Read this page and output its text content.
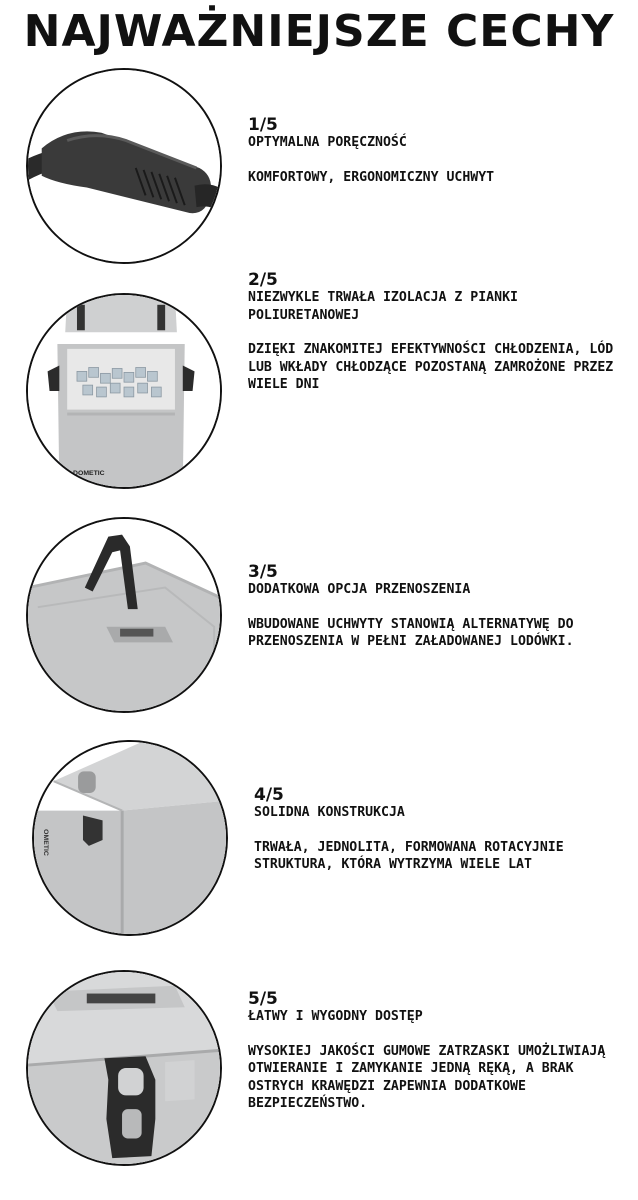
NAJWAŻNIEJSZE CECHY
1/5
OPTYMALNA PORĘCZNOŚĆ
KOMFORTOWY, ERGONOMICZNY UCHWYT
DOMETIC
2/5
NIEZWYKLE TRWAŁA IZOLACJA Z PIANKI POLIURETANOWEJ
DZIĘKI ZNAKOMITEJ EFEKTYWNOŚCI CHŁODZENIA, LÓD LUB WKŁADY CHŁODZĄCE POZOSTANĄ ZAMROŻONE PRZEZ WIELE DNI
3/5
DODATKOWA OPCJA PRZENOSZENIA
WBUDOWANE UCHWYTY STANOWIĄ ALTERNATYWĘ DO PRZENOSZENIA W PEŁNI ZAŁADOWANEJ LODÓWKI.
OMETIC
4/5
SOLIDNA KONSTRUKCJA
TRWAŁA, JEDNOLITA, FORMOWANA ROTACYJNIE STRUKTURA, KTÓRA WYTRZYMA WIELE LAT
5/5
ŁATWY I WYGODNY DOSTĘP
WYSOKIEJ JAKOŚCI GUMOWE ZATRZASKI UMOŻLIWIAJĄ OTWIERANIE I ZAMYKANIE JEDNĄ RĘKĄ, A BRAK OSTRYCH KRAWĘDZI ZAPEWNIA DODATKOWE BEZPIECZEŃSTWO.
